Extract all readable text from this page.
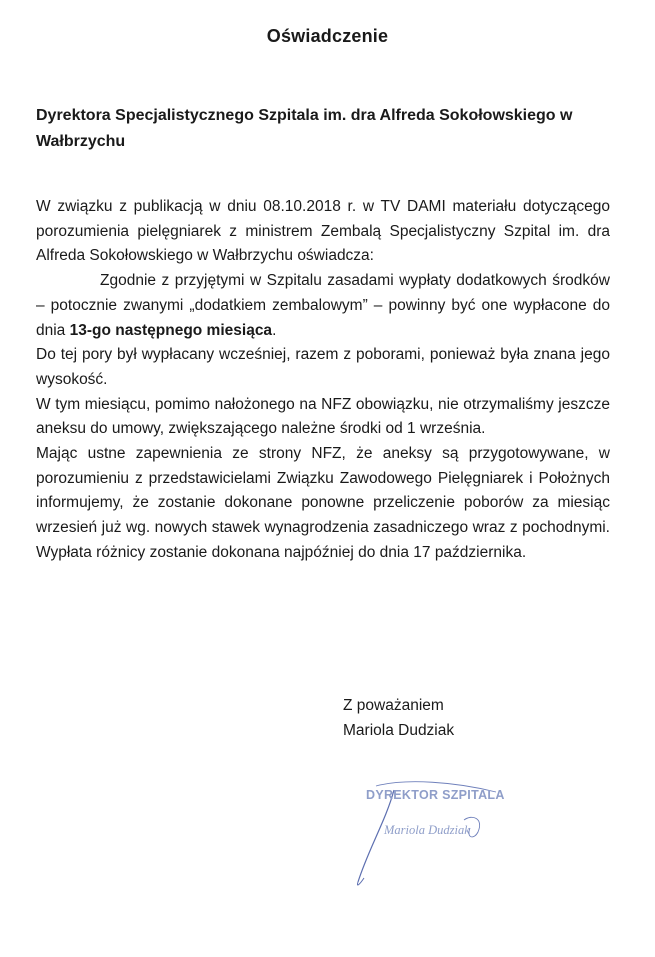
Oświadczenie
Dyrektora Specjalistycznego Szpitala im. dra Alfreda Sokołowskiego w Wałbrzychu

W związku z publikacją w dniu 08.10.2018 r. w TV DAMI materiału dotyczącego porozumienia pielęgniarek z ministrem Zembalą Specjalistyczny Szpital im. dra Alfreda Sokołowskiego w Wałbrzychu oświadcza:

Zgodnie z przyjętymi w Szpitalu zasadami wypłaty dodatkowych środków – potocznie zwanymi „dodatkiem zembalowym” – powinny być one wypłacone do dnia 13-go następnego miesiąca.

Do tej pory był wypłacany wcześniej, razem z poborami, ponieważ była znana jego wysokość.

W tym miesiącu, pomimo nałożonego na NFZ obowiązku, nie otrzymaliśmy jeszcze aneksu do umowy, zwiększającego należne środki od 1 września.

Mając ustne zapewnienia ze strony NFZ, że aneksy są przygotowywane, w porozumieniu z przedstawicielami Związku Zawodowego Pielęgniarek i Położnych informujemy, że zostanie dokonane ponowne przeliczenie poborów za miesiąc wrzesień już wg. nowych stawek wynagrodzenia zasadniczego wraz z pochodnymi. Wypłata różnicy zostanie dokonana najpóźniej do dnia 17 października.

Z poważaniem
Mariola Dudziak
DYREKTOR SZPITALA
Mariola Dudziak
